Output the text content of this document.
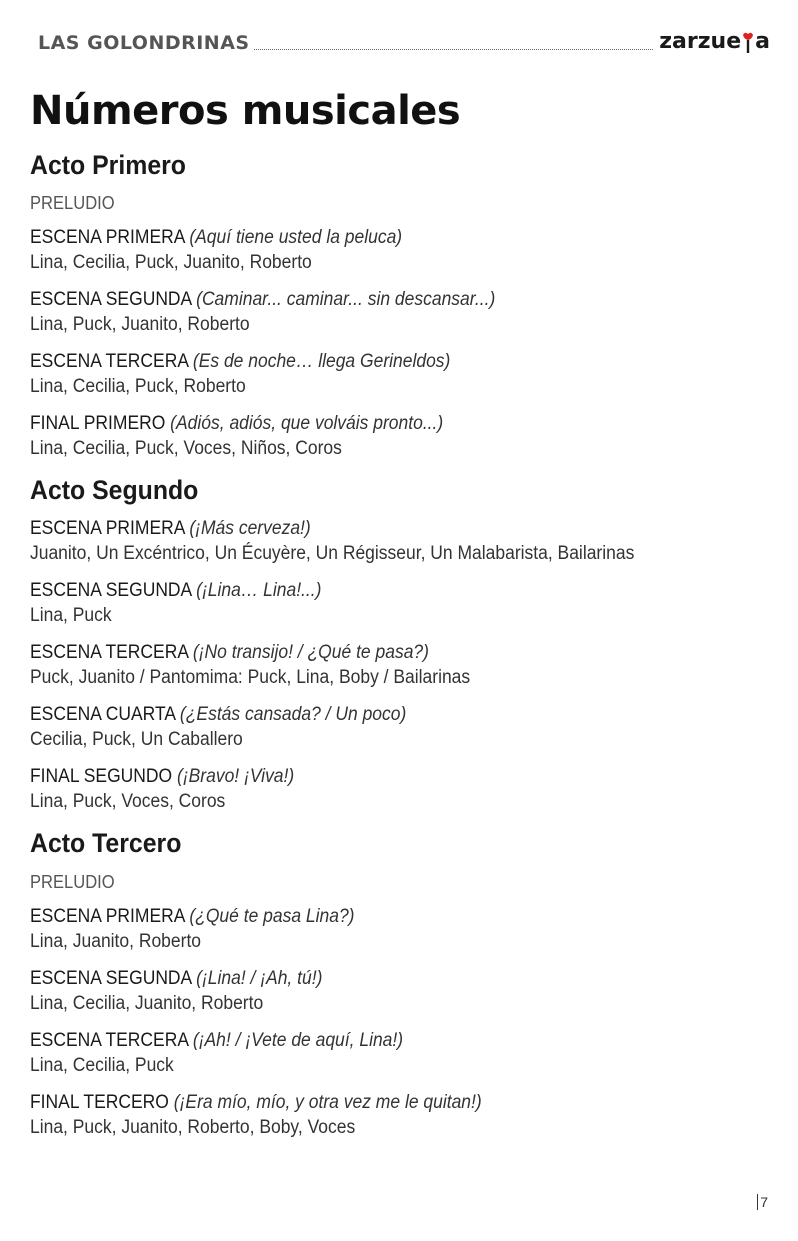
LAS GOLONDRINAS	zarzue a
Números musicales
Acto Primero
PRELUDIO
ESCENA PRIMERA (Aquí tiene usted la peluca)
Lina, Cecilia, Puck, Juanito, Roberto
ESCENA SEGUNDA (Caminar... caminar... sin descansar...)
Lina, Puck, Juanito, Roberto
ESCENA TERCERA (Es de noche… llega Gerineldos)
Lina, Cecilia, Puck, Roberto
FINAL PRIMERO (Adiós, adiós, que volváis pronto...)
Lina, Cecilia, Puck, Voces, Niños, Coros
Acto Segundo
ESCENA PRIMERA (¡Más cerveza!)
Juanito, Un Excéntrico, Un Écuyère, Un Régisseur, Un Malabarista, Bailarinas
ESCENA SEGUNDA (¡Lina… Lina!...)
Lina, Puck
ESCENA TERCERA (¡No transijo! / ¿Qué te pasa?)
Puck, Juanito / Pantomima: Puck, Lina, Boby / Bailarinas
ESCENA CUARTA (¿Estás cansada? / Un poco)
Cecilia, Puck, Un Caballero
FINAL SEGUNDO (¡Bravo! ¡Viva!)
Lina, Puck, Voces, Coros
Acto Tercero
PRELUDIO
ESCENA PRIMERA (¿Qué te pasa Lina?)
Lina, Juanito, Roberto
ESCENA SEGUNDA (¡Lina! / ¡Ah, tú!)
Lina, Cecilia, Juanito, Roberto
ESCENA TERCERA (¡Ah! / ¡Vete de aquí, Lina!)
Lina, Cecilia, Puck
FINAL TERCERO (¡Era mío, mío, y otra vez me le quitan!)
Lina, Puck, Juanito, Roberto, Boby, Voces
7
